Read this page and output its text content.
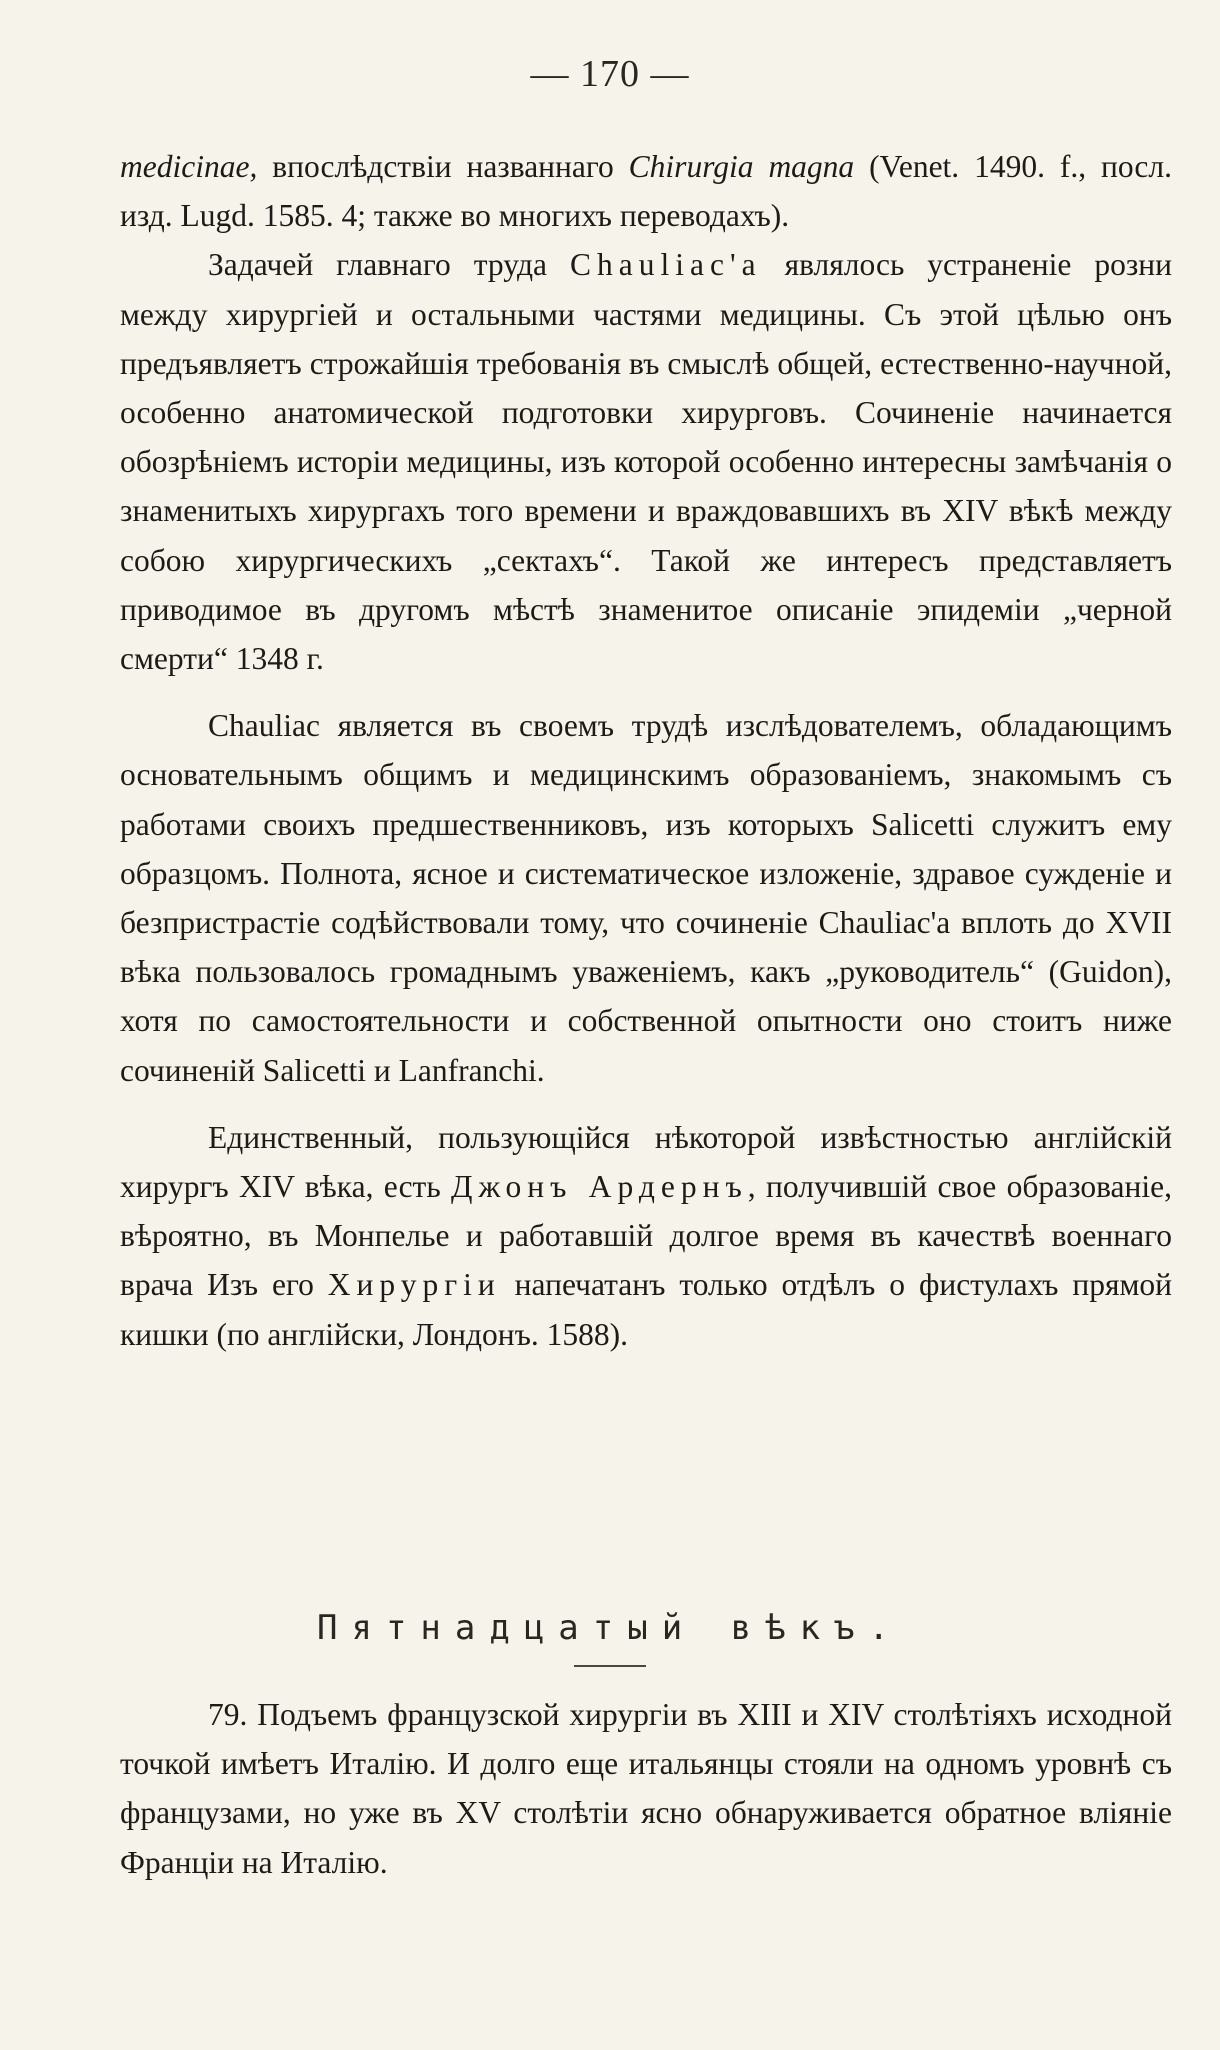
— 170 —

medicinae, впослѣдствіи названнаго Chirurgia magna (Venet. 1490. f., посл. изд. Lugd. 1585. 4; также во многихъ переводахъ).

Задачей главнаго труда Chauliac'a являлось устраненіе розни между хирургіей и остальными частями медицины. Съ этой цѣлью онъ предъявляетъ строжайшія требованія въ смыслѣ общей, естественно-научной, особенно анатомической подготовки хирурговъ. Сочиненіе начинается обозрѣніемъ исторіи медицины, изъ которой особенно интересны замѣчанія о знаменитыхъ хирургахъ того времени и враждовавшихъ въ XIV вѣкѣ между собою хирургическихъ „сектахъ“. Такой же интересъ представляетъ приводимое въ другомъ мѣстѣ знаменитое описаніе эпидеміи „черной смерти“ 1348 г.

Chauliac является въ своемъ трудѣ изслѣдователемъ, обладающимъ основательнымъ общимъ и медицинскимъ образованіемъ, знакомымъ съ работами своихъ предшественниковъ, изъ которыхъ Salicetti служитъ ему образцомъ. Полнота, ясное и систематическое изложеніе, здравое сужденіе и безпристрастіе содѣйствовали тому, что сочиненіе Chauliac'a вплоть до XVII вѣка пользовалось громаднымъ уваженіемъ, какъ „руководитель“ (Guidon), хотя по самостоятельности и собственной опытности оно стоитъ ниже сочиненій Salicetti и Lanfranchi.

Единственный, пользующійся нѣкоторой извѣстностью англійскій хирургъ XIV вѣка, есть Джонъ Ардернъ, получившій свое образованіе, вѣроятно, въ Монпелье и работавшій долгое время въ качествѣ военнаго врача Изъ его Хирургіи напечатанъ только отдѣлъ о фистулахъ прямой кишки (по англійски, Лондонъ. 1588).

Пятнадцатый вѣкъ.

79. Подъемъ французской хирургіи въ XIII и XIV столѣтіяхъ исходной точкой имѣетъ Италію. И долго еще итальянцы стояли на одномъ уровнѣ съ французами, но уже въ XV столѣтіи ясно обнаруживается обратное вліяніе Франціи на Италію.
